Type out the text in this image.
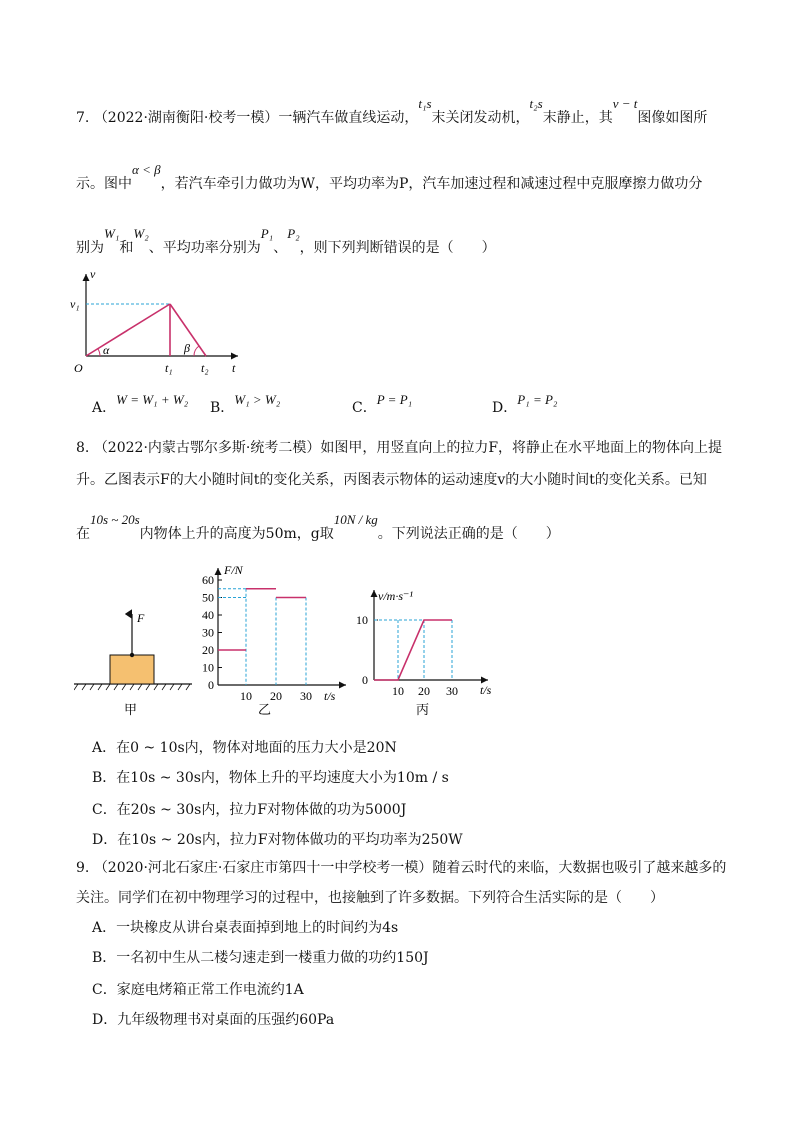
7. （2022·湖南衡阳·校考一模）一辆汽车做直线运动，t₁s末关闭发动机，t₂s末静止，其v − t图像如图所
示。图中α < β，若汽车牵引力做功为W，平均功率为P，汽车加速过程和减速过程中克服摩擦力做功分
别为W₁和W₂、平均功率分别为P₁、P₂，则下列判断错误的是（　　）
v
v₁
O	t₁ t₂ t
α	β
A．W = W₁ + W₂
B．W₁ > W₂
C．P = P₁
D．P₁ = P₂
8. （2022·内蒙古鄂尔多斯·统考二模）如图甲，用竖直向上的拉力F，将静止在水平地面上的物体向上提
升。乙图表示F的大小随时间t的变化关系，丙图表示物体的运动速度v的大小随时间t的变化关系。已知
在10s ~ 20s内物体上升的高度为50m，g取10N / kg。下列说法正确的是（　　）
F
甲
0
10
20
30
40
50
60
10 20 30
F/N
t/s
乙
0
10
10 20 30
v/m·s⁻¹
t/s
丙
A．在0 ~ 10s内，物体对地面的压力大小是20N
B．在10s ~ 30s内，物体上升的平均速度大小为10m / s
C．在20s ~ 30s内，拉力F对物体做的功为5000J
D．在10s ~ 20s内，拉力F对物体做功的平均功率为250W
9. （2020·河北石家庄·石家庄市第四十一中学校考一模）随着云时代的来临，大数据也吸引了越来越多的
关注。同学们在初中物理学习的过程中，也接触到了许多数据。下列符合生活实际的是（　　）
A．一块橡皮从讲台桌表面掉到地上的时间约为4s
B．一名初中生从二楼匀速走到一楼重力做的功约150J
C．家庭电烤箱正常工作电流约1A
D．九年级物理书对桌面的压强约60Pa
